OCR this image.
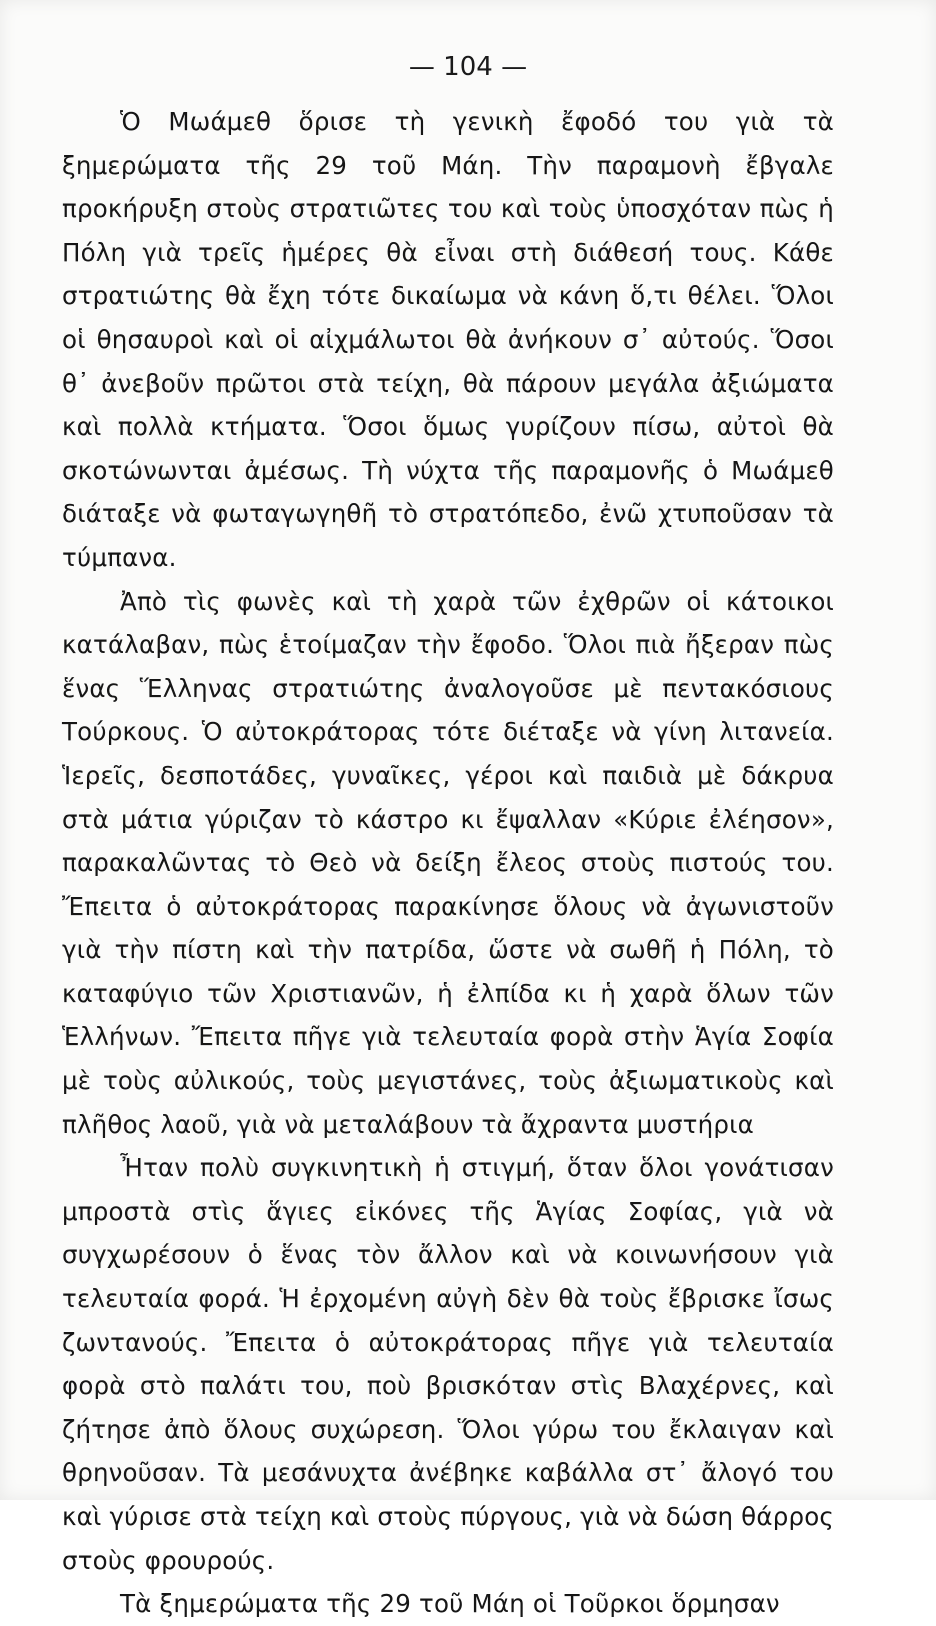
— 104 —

Ὁ Μωάμεθ ὅρισε τὴ γενικὴ ἔφοδό του γιὰ τὰ ξημερώματα τῆς 29 τοῦ Μάη. Τὴν παραμονὴ ἔβγαλε προκήρυξη στοὺς στρατιῶτες του καὶ τοὺς ὑποσχόταν πὼς ἡ Πόλη γιὰ τρεῖς ἡμέρες θὰ εἶναι στὴ διάθεσή τους. Κάθε στρατιώτης θὰ ἔχη τότε δικαίωμα νὰ κάνη ὅ,τι θέλει. Ὅλοι οἱ θησαυροὶ καὶ οἱ αἰχμάλωτοι θὰ ἀνήκουν σ᾽ αὐτούς. Ὅσοι θ᾽ ἀνεβοῦν πρῶτοι στὰ τείχη, θὰ πάρουν μεγάλα ἀξιώματα καὶ πολλὰ κτήματα. Ὅσοι ὅμως γυρίζουν πίσω, αὐτοὶ θὰ σκοτώνωνται ἀμέσως. Τὴ νύχτα τῆς παραμονῆς ὁ Μωάμεθ διάταξε νὰ φωταγωγηθῆ τὸ στρατόπεδο, ἐνῶ χτυποῦσαν τὰ τύμπανα.

Ἀπὸ τὶς φωνὲς καὶ τὴ χαρὰ τῶν ἐχθρῶν οἱ κάτοικοι κατάλαβαν, πὼς ἑτοίμαζαν τὴν ἔφοδο. Ὅλοι πιὰ ἤξεραν πὼς ἕνας Ἕλληνας στρατιώτης ἀναλογοῦσε μὲ πεντακόσιους Τούρκους. Ὁ αὐτοκράτορας τότε διέταξε νὰ γίνη λιτανεία. Ἱερεῖς, δεσποτάδες, γυναῖκες, γέροι καὶ παιδιὰ μὲ δάκρυα στὰ μάτια γύριζαν τὸ κάστρο κι ἔψαλλαν «Κύριε ἐλέησον», παρακαλῶντας τὸ Θεὸ νὰ δείξη ἔλεος στοὺς πιστούς του. Ἔπειτα ὁ αὐτοκράτορας παρακίνησε ὅλους νὰ ἀγωνιστοῦν γιὰ τὴν πίστη καὶ τὴν πατρίδα, ὥστε νὰ σωθῆ ἡ Πόλη, τὸ καταφύγιο τῶν Χριστιανῶν, ἡ ἐλπίδα κι ἡ χαρὰ ὅλων τῶν Ἑλλήνων. Ἔπειτα πῆγε γιὰ τελευταία φορὰ στὴν Ἁγία Σοφία μὲ τοὺς αὐλικούς, τοὺς μεγιστάνες, τοὺς ἀξιωματικοὺς καὶ πλῆθος λαοῦ, γιὰ νὰ μεταλάβουν τὰ ἄχραντα μυστήρια

Ἦταν πολὺ συγκινητικὴ ἡ στιγμή, ὅταν ὅλοι γονάτισαν μπροστὰ στὶς ἅγιες εἰκόνες τῆς Ἁγίας Σοφίας, γιὰ νὰ συγχωρέσουν ὁ ἕνας τὸν ἄλλον καὶ νὰ κοινωνήσουν γιὰ τελευταία φορά. Ἡ ἐρχομένη αὐγὴ δὲν θὰ τοὺς ἔβρισκε ἴσως ζωντανούς. Ἔπειτα ὁ αὐτοκράτορας πῆγε γιὰ τελευταία φορὰ στὸ παλάτι του, ποὺ βρισκόταν στὶς Βλαχέρνες, καὶ ζήτησε ἀπὸ ὅλους συχώρεση. Ὅλοι γύρω του ἔκλαιγαν καὶ θρηνοῦσαν. Τὰ μεσάνυχτα ἀνέβηκε καβάλλα στ᾽ ἄλογό του καὶ γύρισε στὰ τείχη καὶ στοὺς πύργους, γιὰ νὰ δώση θάρρος στοὺς φρουρούς.

Τὰ ξημερώματα τῆς 29 τοῦ Μάη οἱ Τοῦρκοι ὅρμησαν
